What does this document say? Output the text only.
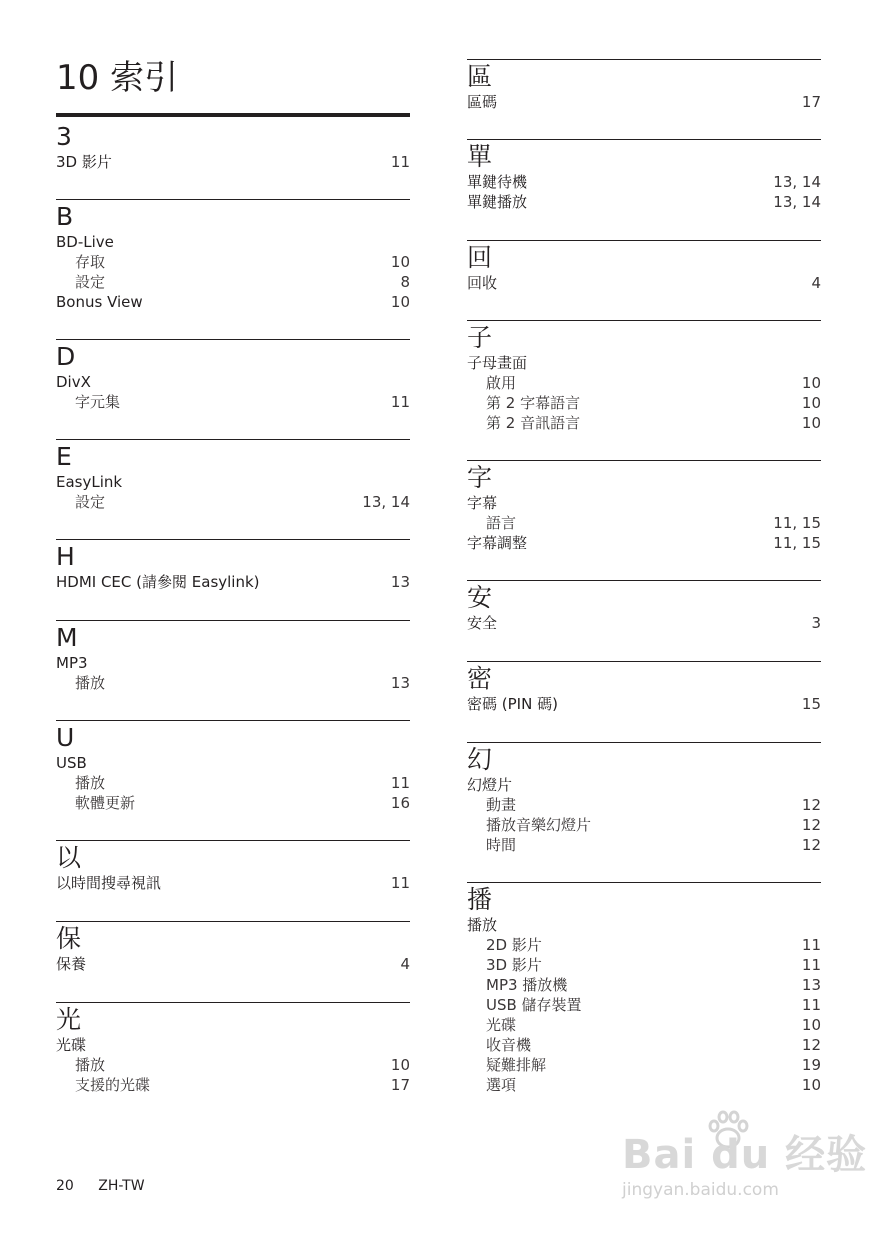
10 索引
3
3D 影片	11
B
BD-Live
存取	10
設定	8
Bonus View	10
D
DivX
字元集	11
E
EasyLink
設定	13, 14
H
HDMI CEC (請參閱 Easylink)	13
M
MP3
播放	13
U
USB
播放	11
軟體更新	16
以
以時間搜尋視訊	11
保
保養	4
光
光碟
播放	10
支援的光碟	17
區
區碼	17
單
單鍵待機	13, 14
單鍵播放	13, 14
回
回收	4
子
子母畫面
啟用	10
第 2 字幕語言	10
第 2 音訊語言	10
字
字幕
語言	11, 15
字幕調整	11, 15
安
安全	3
密
密碼 (PIN 碼)	15
幻
幻燈片
動畫	12
播放音樂幻燈片	12
時間	12
播
播放
2D 影片	11
3D 影片	11
MP3 播放機	13
USB 儲存裝置	11
光碟	10
收音機	12
疑難排解	19
選項	10
20 ZH-TW
Bai du 经验
jingyan.baidu.com
